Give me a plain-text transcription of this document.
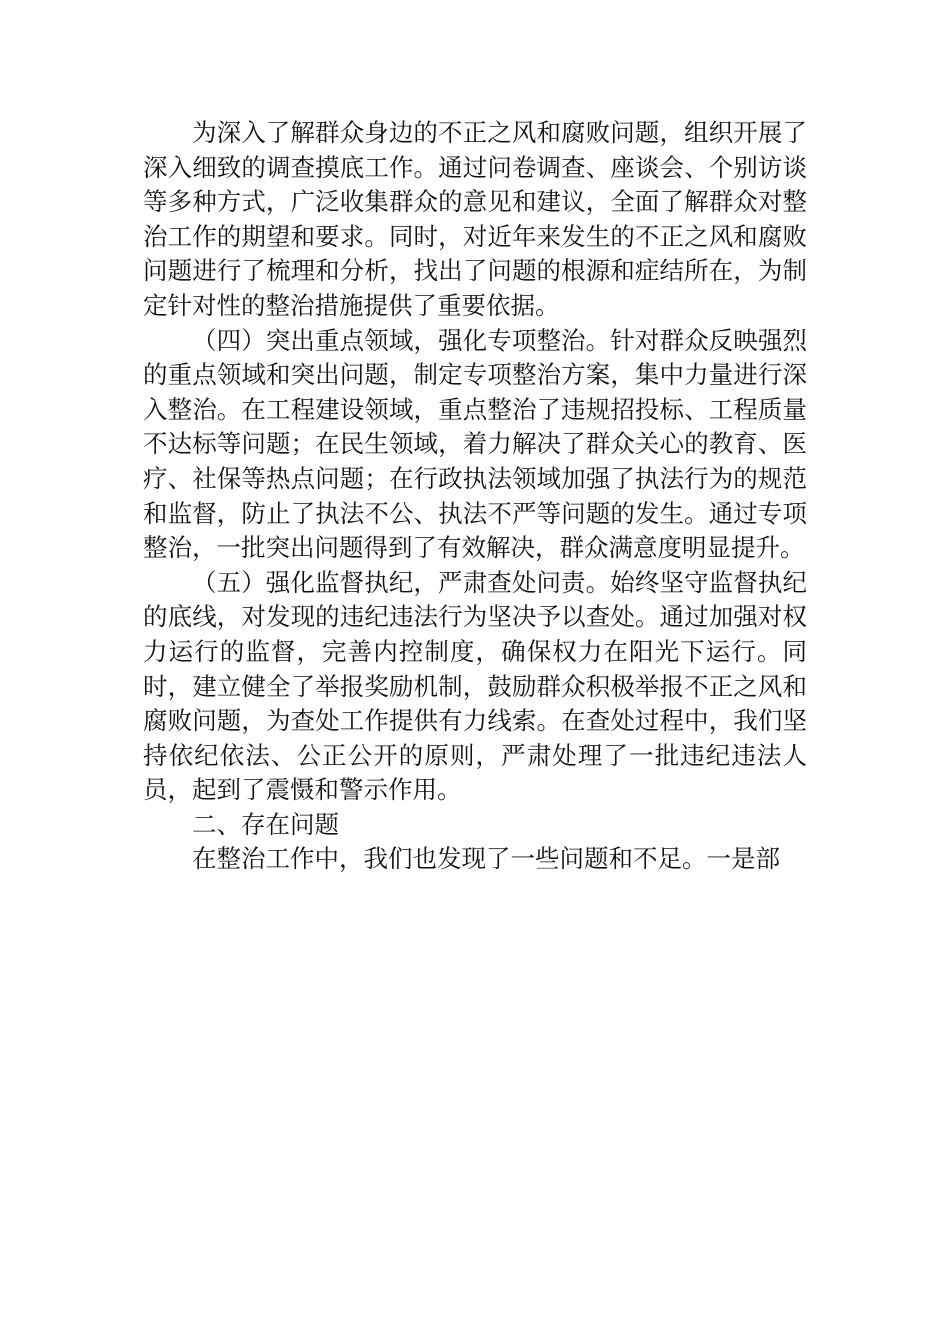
为深入了解群众身边的不正之风和腐败问题，组织开展了深入细致的调查摸底工作。通过问卷调查、座谈会、个别访谈等多种方式，广泛收集群众的意见和建议，全面了解群众对整治工作的期望和要求。同时，对近年来发生的不正之风和腐败问题进行了梳理和分析，找出了问题的根源和症结所在，为制定针对性的整治措施提供了重要依据。

（四）突出重点领域，强化专项整治。针对群众反映强烈的重点领域和突出问题，制定专项整治方案，集中力量进行深入整治。在工程建设领域，重点整治了违规招投标、工程质量不达标等问题；在民生领域，着力解决了群众关心的教育、医疗、社保等热点问题；在行政执法领域加强了执法行为的规范和监督，防止了执法不公、执法不严等问题的发生。通过专项整治，一批突出问题得到了有效解决，群众满意度明显提升。

（五）强化监督执纪，严肃查处问责。始终坚守监督执纪的底线，对发现的违纪违法行为坚决予以查处。通过加强对权力运行的监督，完善内控制度，确保权力在阳光下运行。同时，建立健全了举报奖励机制，鼓励群众积极举报不正之风和腐败问题，为查处工作提供有力线索。在查处过程中，我们坚持依纪依法、公正公开的原则，严肃处理了一批违纪违法人员，起到了震慑和警示作用。

二、存在问题

在整治工作中，我们也发现了一些问题和不足。一是部
